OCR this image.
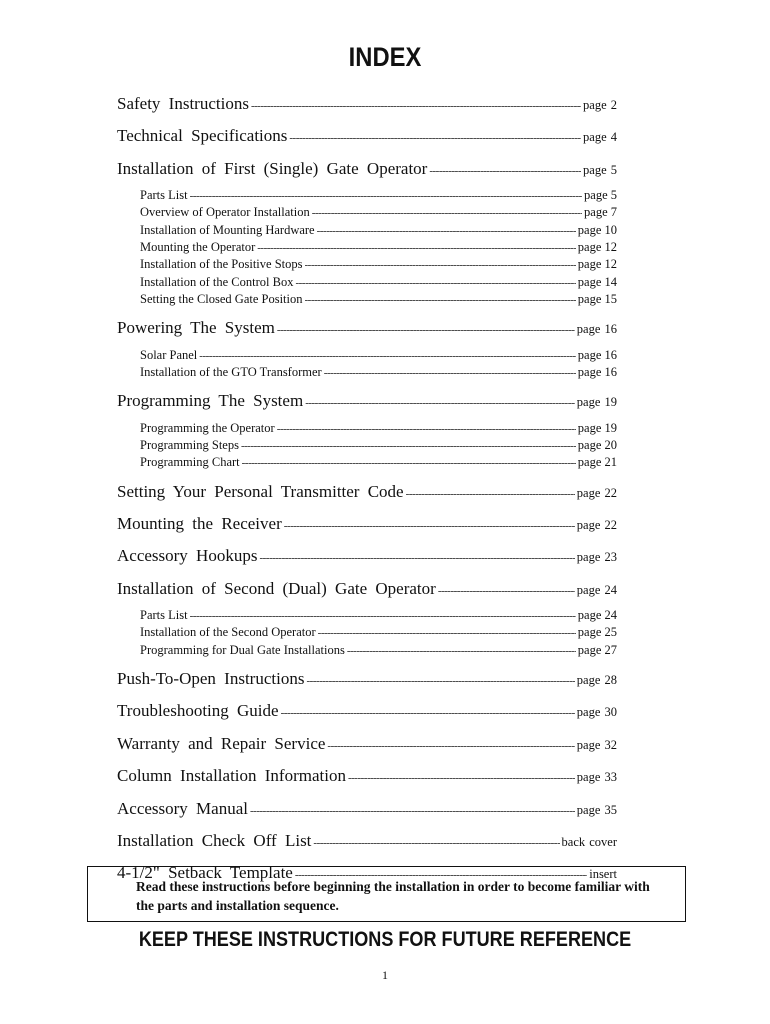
INDEX
Safety Instructions -----	page 2
Technical Specifications -----	page 4
Installation of First (Single) Gate Operator -----	page 5
Parts List -----	page 5
Overview of Operator Installation -----	page 7
Installation of Mounting Hardware -----	page 10
Mounting the Operator -----	page 12
Installation of the Positive Stops -----	page 12
Installation of the Control Box -----	page 14
Setting the Closed Gate Position -----	page 15
Powering The System -----	page 16
Solar Panel -----	page 16
Installation of the GTO Transformer -----	page 16
Programming The System -----	page 19
Programming the Operator -----	page 19
Programming Steps -----	page 20
Programming Chart -----	page 21
Setting Your Personal Transmitter Code -----	page 22
Mounting the Receiver -----	page 22
Accessory Hookups -----	page 23
Installation of Second (Dual) Gate Operator -----	page 24
Parts List -----	page 24
Installation of the Second Operator -----	page 25
Programming for Dual Gate Installations -----	page 27
Push-To-Open Instructions -----	page 28
Troubleshooting Guide -----	page 30
Warranty and Repair Service -----	page 32
Column Installation Information -----	page 33
Accessory Manual -----	page 35
Installation Check Off List -----	back cover
4-1/2" Setback Template -----	insert

Read these instructions before beginning the installation in order to become familiar with the parts and installation sequence.

KEEP THESE INSTRUCTIONS FOR FUTURE REFERENCE
1
